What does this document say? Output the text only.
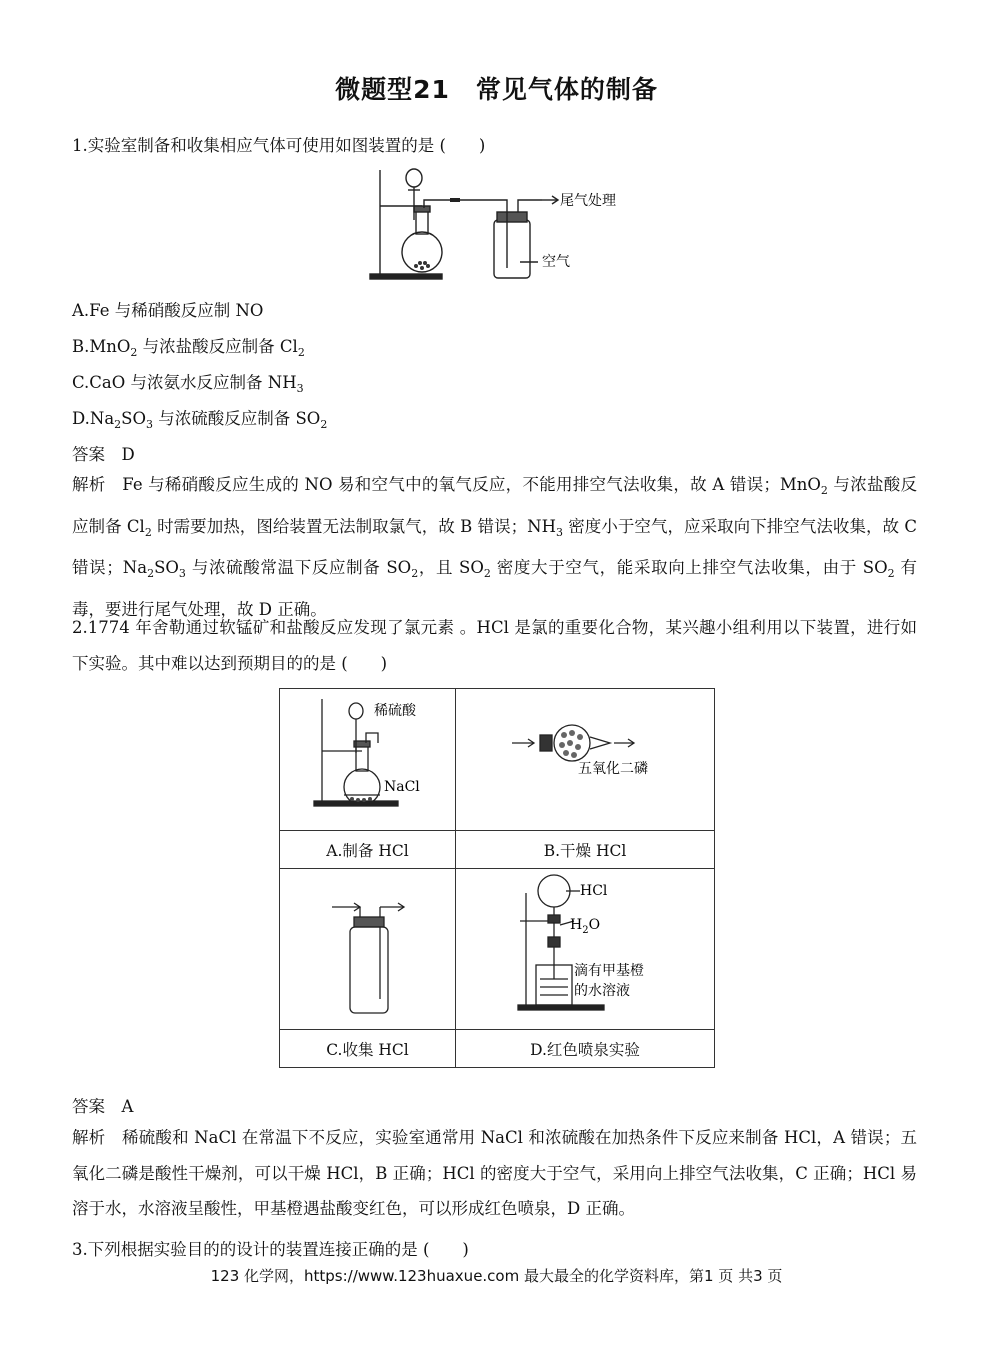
微题型21　常见气体的制备
1.实验室制备和收集相应气体可使用如图装置的是 (　　)
尾气处理
空气
A.Fe 与稀硝酸反应制 NO
B.MnO$_2$ 与浓盐酸反应制备 $Cl_2$
C.CaO 与浓氨水反应制备 $NH_3$
$D.Na_2SO_3$ 与浓硫酸反应制备 $SO_2$
答案　D
解析　Fe 与稀硝酸反应生成的 NO 易和空气中的氧气反应，不能用排空气法收集，故 A 错误；MnO$_2$ 与浓盐酸反应制备 $Cl_2$ 时需要加热，图给装置无法制取氯气，故 B 错误；$NH_3$ 密度小于空气，应采取向下排空气法收集，故 C 错误；$Na_2SO_3$ 与浓硫酸常温下反应制备 $SO_2$，且 $SO_2$ 密度大于空气，能采取向上排空气法收集，由于 $SO_2$ 有毒，要进行尾气处理，故 D 正确。
2.1774 年舍勒通过软锰矿和盐酸反应发现了氯元素 。HCl 是氯的重要化合物，某兴趣小组利用以下装置，进行如下实验。其中难以达到预期目的的是 (　　)
稀硫酸
NaCl	五氧化二磷

A.制备 HCl	B.干燥 HCl

HCl
$H_2O$
滴有甲基橙
的水溶液

C.收集 HCl	D.红色喷泉实验
答案　A
解析　稀硫酸和 NaCl 在常温下不反应，实验室通常用 NaCl 和浓硫酸在加热条件下反应来制备 HCl，A 错误；五氧化二磷是酸性干燥剂，可以干燥 HCl，B 正确；HCl 的密度大于空气，采用向上排空气法收集，C 正确；HCl 易溶于水，水溶液呈酸性，甲基橙遇盐酸变红色，可以形成红色喷泉，D 正确。
3.下列根据实验目的的设计的装置连接正确的是 (　　)
123 化学网，https://www.123huaxue.com 最大最全的化学资料库，第1 页 共3 页
